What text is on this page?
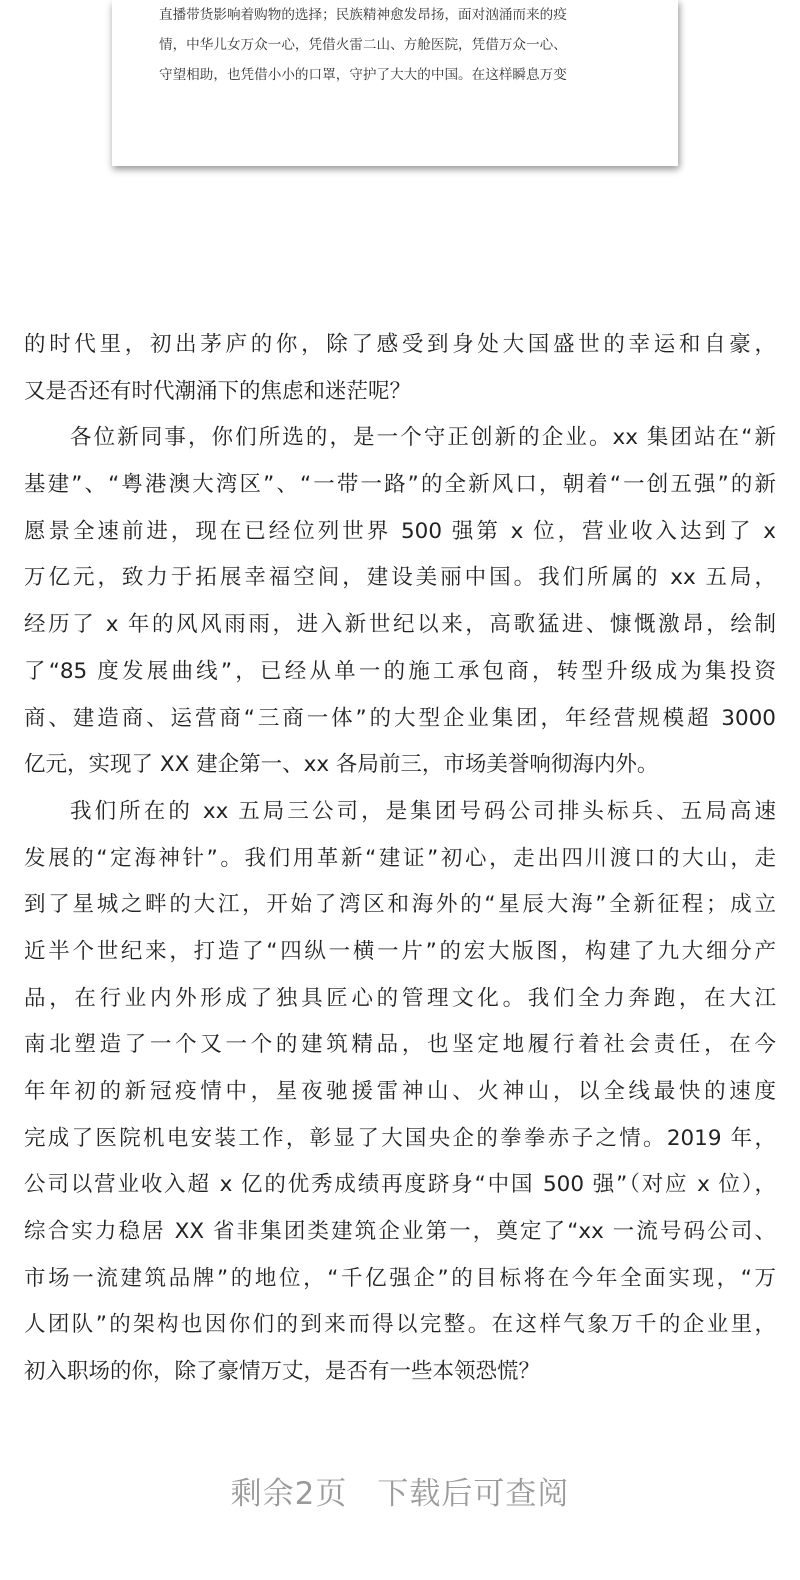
直播带货影响着购物的选择；民族精神愈发昂扬，面对汹涌而来的疫
情，中华儿女万众一心，凭借火雷二山、方舱医院，凭借万众一心、
守望相助，也凭借小小的口罩，守护了大大的中国。在这样瞬息万变
的时代里，初出茅庐的你，除了感受到身处大国盛世的幸运和自豪，
又是否还有时代潮涌下的焦虑和迷茫呢？
各位新同事，你们所选的，是一个守正创新的企业。xx 集团站在“新
基建”、“粤港澳大湾区”、“一带一路”的全新风口，朝着“一创五强”的新
愿景全速前进，现在已经位列世界 500 强第 x 位，营业收入达到了 x
万亿元，致力于拓展幸福空间，建设美丽中国。我们所属的 xx 五局，
经历了 x 年的风风雨雨，进入新世纪以来，高歌猛进、慷慨激昂，绘制
了“85 度发展曲线”，已经从单一的施工承包商，转型升级成为集投资
商、建造商、运营商“三商一体”的大型企业集团，年经营规模超 3000
亿元，实现了 XX 建企第一、xx 各局前三，市场美誉响彻海内外。
我们所在的 xx 五局三公司，是集团号码公司排头标兵、五局高速
发展的“定海神针”。我们用革新“建证”初心，走出四川渡口的大山，走
到了星城之畔的大江，开始了湾区和海外的“星辰大海”全新征程；成立
近半个世纪来，打造了“四纵一横一片”的宏大版图，构建了九大细分产
品，在行业内外形成了独具匠心的管理文化。我们全力奔跑，在大江
南北塑造了一个又一个的建筑精品，也坚定地履行着社会责任，在今
年年初的新冠疫情中，星夜驰援雷神山、火神山，以全线最快的速度
完成了医院机电安装工作，彰显了大国央企的拳拳赤子之情。2019 年，
公司以营业收入超 x 亿的优秀成绩再度跻身“中国 500 强”（对应 x 位），
综合实力稳居 XX 省非集团类建筑企业第一，奠定了“xx 一流号码公司、
市场一流建筑品牌”的地位，“千亿强企”的目标将在今年全面实现，“万
人团队”的架构也因你们的到来而得以完整。在这样气象万千的企业里，
初入职场的你，除了豪情万丈，是否有一些本领恐慌？
剩余2页 下载后可查阅
